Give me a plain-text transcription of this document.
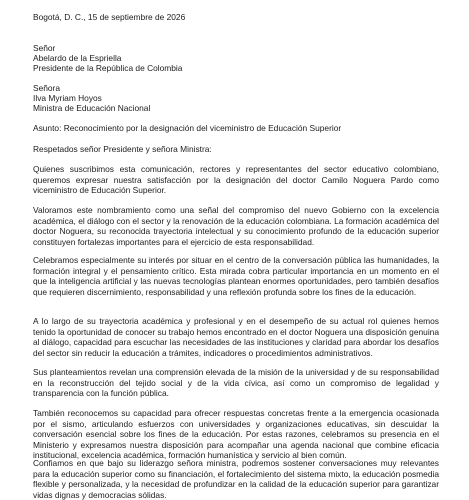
Bogotá, D. C., 15 de septiembre de 2026
Señor
Abelardo de la Espriella
Presidente de la República de Colombia
Señora
Ilva Myriam Hoyos
Ministra de Educación Nacional
Asunto: Reconocimiento por la designación del viceministro de Educación Superior
Respetados señor Presidente y señora Ministra:
Quienes suscribimos esta comunicación, rectores y representantes del sector educativo colombiano, queremos expresar nuestra satisfacción por la designación del doctor Camilo Noguera Pardo como viceministro de Educación Superior.
Valoramos este nombramiento como una señal del compromiso del nuevo Gobierno con la excelencia académica, el diálogo con el sector y la renovación de la educación colombiana. La formación académica del doctor Noguera, su reconocida trayectoria intelectual y su conocimiento profundo de la educación superior constituyen fortalezas importantes para el ejercicio de esta responsabilidad.
Celebramos especialmente su interés por situar en el centro de la conversación pública las humanidades, la formación integral y el pensamiento crítico. Esta mirada cobra particular importancia en un momento en el que la inteligencia artificial y las nuevas tecnologías plantean enormes oportunidades, pero también desafíos que requieren discernimiento, responsabilidad y una reflexión profunda sobre los fines de la educación.
A lo largo de su trayectoria académica y profesional y en el desempeño de su actual rol quienes hemos tenido la oportunidad de conocer su trabajo hemos encontrado en el doctor Noguera una disposición genuina al diálogo, capacidad para escuchar las necesidades de las instituciones y claridad para abordar los desafíos del sector sin reducir la educación a trámites, indicadores o procedimientos administrativos.
Sus planteamientos revelan una comprensión elevada de la misión de la universidad y de su responsabilidad en la reconstrucción del tejido social y de la vida cívica, así como un compromiso de legalidad y transparencia con la función pública.
También reconocemos su capacidad para ofrecer respuestas concretas frente a la emergencia ocasionada por el sismo, articulando esfuerzos con universidades y organizaciones educativas, sin descuidar la conversación esencial sobre los fines de la educación. Por estas razones, celebramos su presencia en el Ministerio y expresamos nuestra disposición para acompañar una agenda nacional que combine eficacia institucional, excelencia académica, formación humanística y servicio al bien común.
Confiamos en que bajo su liderazgo señora ministra, podremos sostener conversaciones muy relevantes para la educación superior como su financiación, el fortalecimiento del sistema mixto, la educación posmedia flexible y personalizada, y la necesidad de profundizar en la calidad de la educación superior para garantizar vidas dignas y democracias sólidas.
